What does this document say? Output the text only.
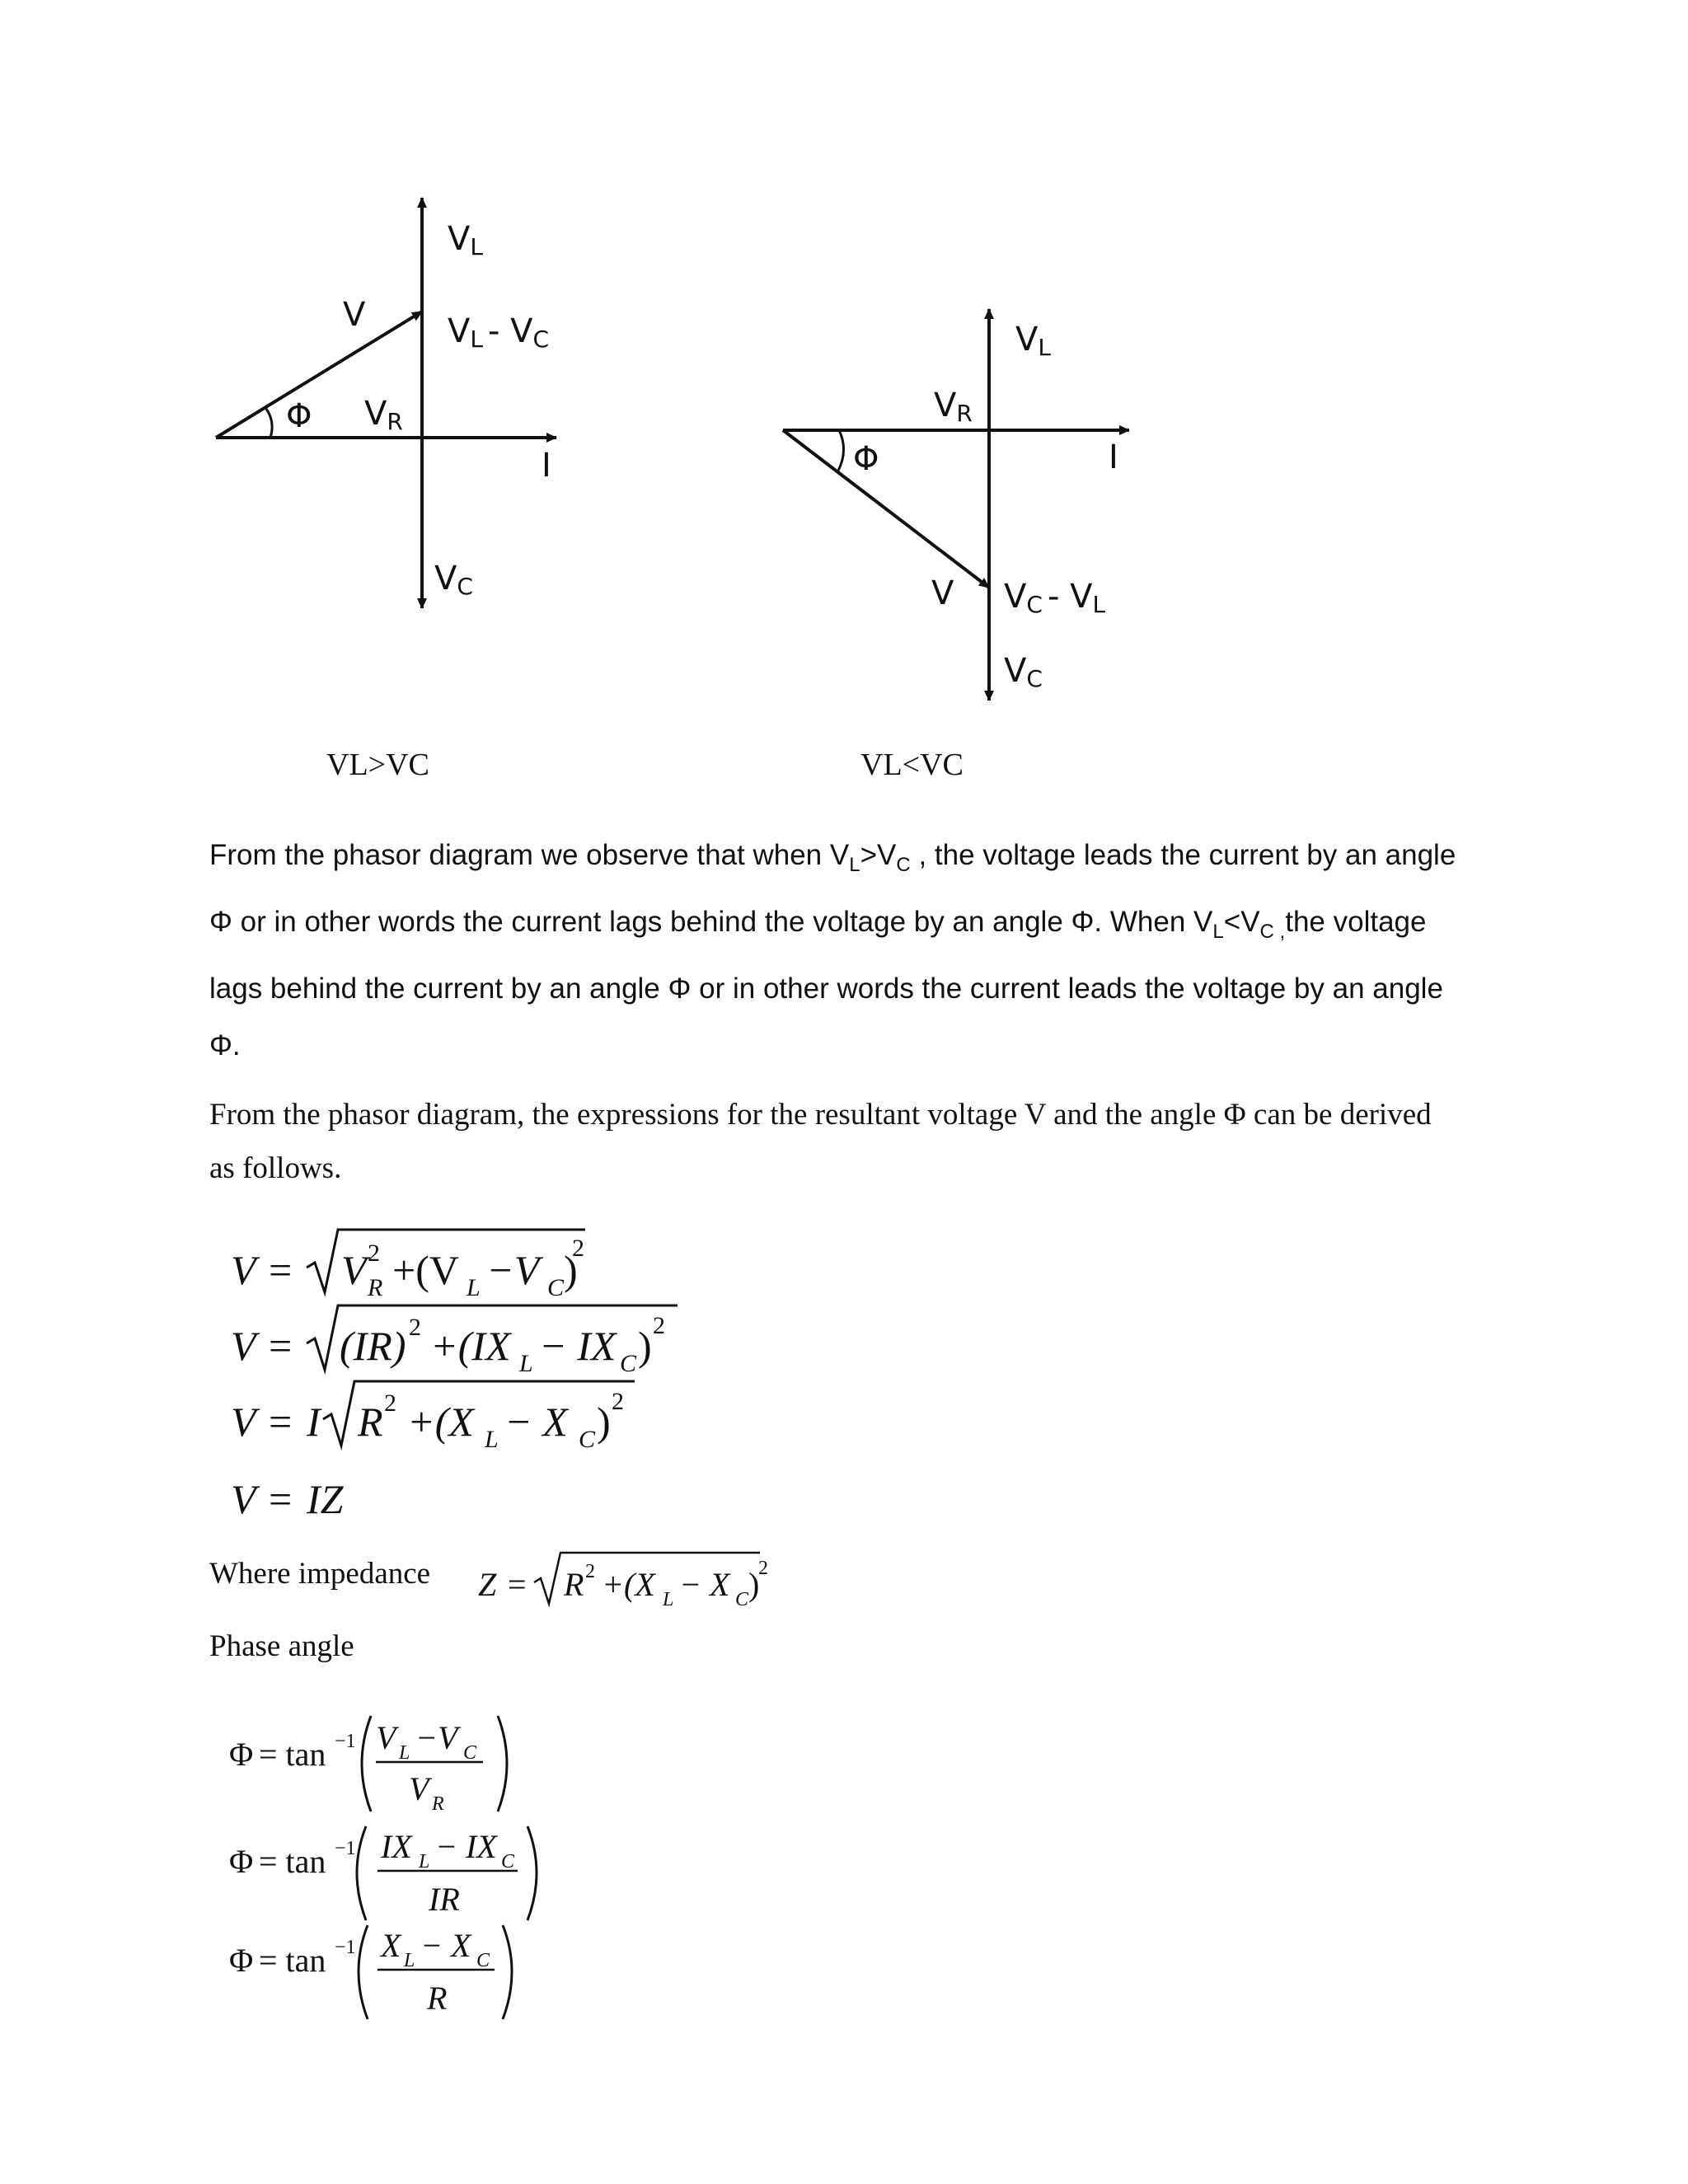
VL
V VL - VC
Φ VR
I
VC
VL
VR
Φ	I
V VC - VL
VC
VL>VC	VL<VC
From the phasor diagram we observe that when $V_L>V_C$ , the voltage leads the current by an angle
Φ or in other words the current lags behind the voltage by an angle Φ. When $V_L<V_{C ,}the$ voltage
lags behind the current by an angle Φ or in other words the current leads the voltage by an angle
Φ.
From the phasor diagram, the expressions for the resultant voltage V and the angle Φ can be derived
as follows.
V = V R
2 +(V L −V C )
2
V = (IR) 2 +(IX L − IX C ) 2
V = I R 2 +(X L − X C ) 2
V = IZ
Z = R 2 +(X L − X C )
2
Φ = tan −1 V L −V C
V R
Φ = tan −1 IX L − IX C
IR
Φ = tan −1 X L − X C
R
Where impedance
Phase angle
